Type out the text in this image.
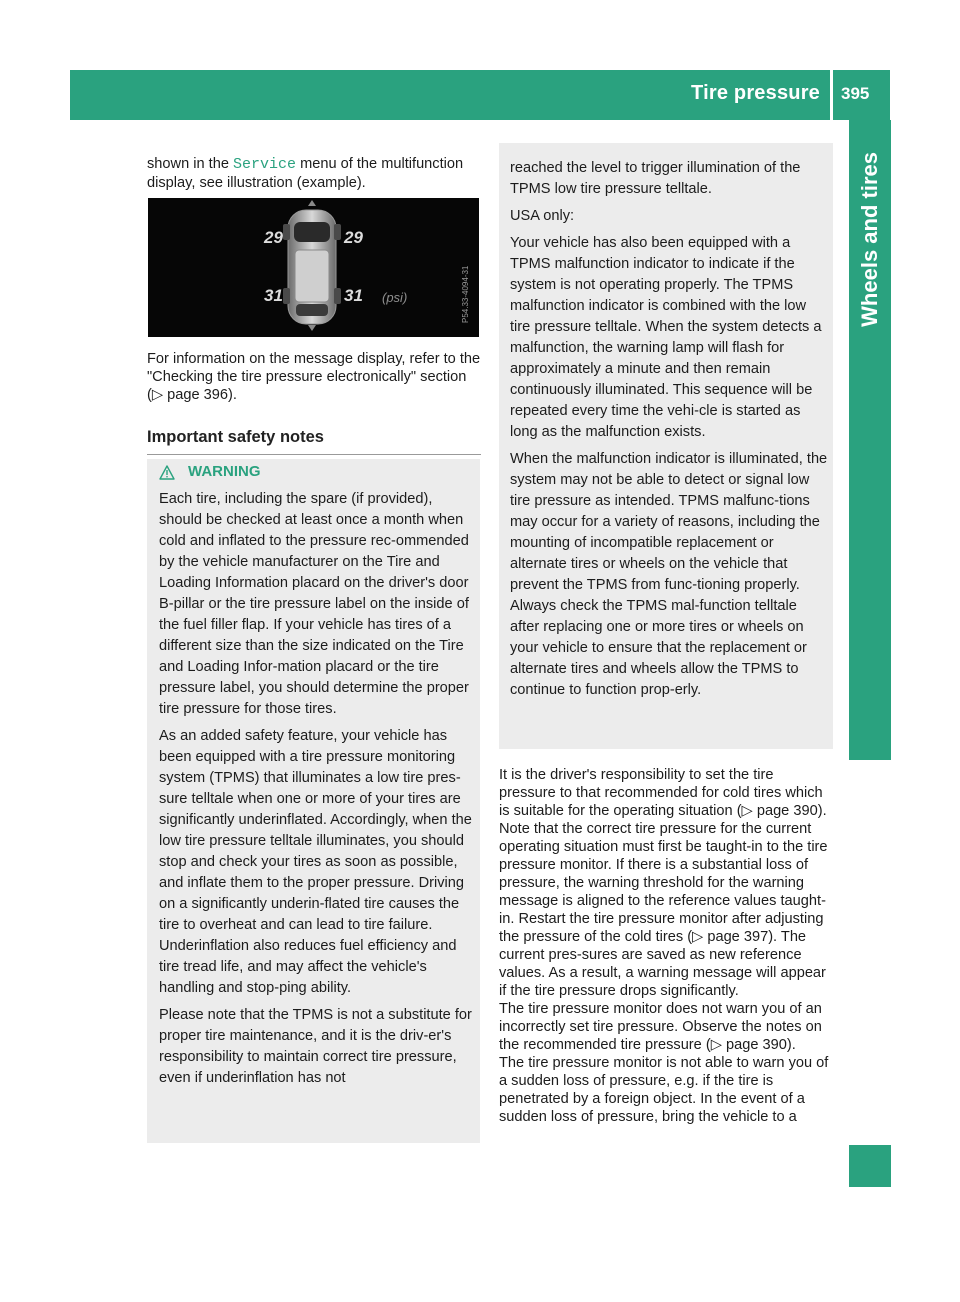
Tire pressure 395
Wheels and tires

shown in the Service menu of the multifunction display, see illustration (example).

29	29
31	31 (psi)	P54.33-4094-31

For information on the message display, refer to the "Checking the tire pressure electronically" section (▷ page 396).

Important safety notes
WARNING

Each tire, including the spare (if provided), should be checked at least once a month when cold and inflated to the pressure rec-ommended by the vehicle manufacturer on the Tire and Loading Information placard on the driver's door B-pillar or the tire pressure label on the inside of the fuel filler flap. If your vehicle has tires of a different size than the size indicated on the Tire and Loading Infor-mation placard or the tire pressure label, you should determine the proper tire pressure for those tires.

As an added safety feature, your vehicle has been equipped with a tire pressure monitoring system (TPMS) that illuminates a low tire pres-sure telltale when one or more of your tires are significantly underinflated. Accordingly, when the low tire pressure telltale illuminates, you should stop and check your tires as soon as possible, and inflate them to the proper pressure. Driving on a significantly underin-flated tire causes the tire to overheat and can lead to tire failure. Underinflation also reduces fuel efficiency and tire tread life, and may affect the vehicle's handling and stop-ping ability.

Please note that the TPMS is not a substitute for proper tire maintenance, and it is the driv-er's responsibility to maintain correct tire pressure, even if underinflation has not

reached the level to trigger illumination of the TPMS low tire pressure telltale.

USA only:

Your vehicle has also been equipped with a TPMS malfunction indicator to indicate if the system is not operating properly. The TPMS malfunction indicator is combined with the low tire pressure telltale. When the system detects a malfunction, the warning lamp will flash for approximately a minute and then remain continuously illuminated. This sequence will be repeated every time the vehi-cle is started as long as the malfunction exists.

When the malfunction indicator is illuminated, the system may not be able to detect or signal low tire pressure as intended. TPMS malfunc-tions may occur for a variety of reasons, including the mounting of incompatible replacement or alternate tires or wheels on the vehicle that prevent the TPMS from func-tioning properly. Always check the TPMS mal-function telltale after replacing one or more tires or wheels on your vehicle to ensure that the replacement or alternate tires and wheels allow the TPMS to continue to function prop-erly.

It is the driver's responsibility to set the tire pressure to that recommended for cold tires which is suitable for the operating situation (▷ page 390). Note that the correct tire pressure for the current operating situation must first be taught-in to the tire pressure monitor. If there is a substantial loss of pressure, the warning threshold for the warning message is aligned to the reference values taught-in. Restart the tire pressure monitor after adjusting the pressure of the cold tires (▷ page 397). The current pres-sures are saved as new reference values. As a result, a warning message will appear if the tire pressure drops significantly.

The tire pressure monitor does not warn you of an incorrectly set tire pressure. Observe the notes on the recommended tire pressure (▷ page 390).

The tire pressure monitor is not able to warn you of a sudden loss of pressure, e.g. if the tire is penetrated by a foreign object. In the event of a sudden loss of pressure, bring the vehicle to a
